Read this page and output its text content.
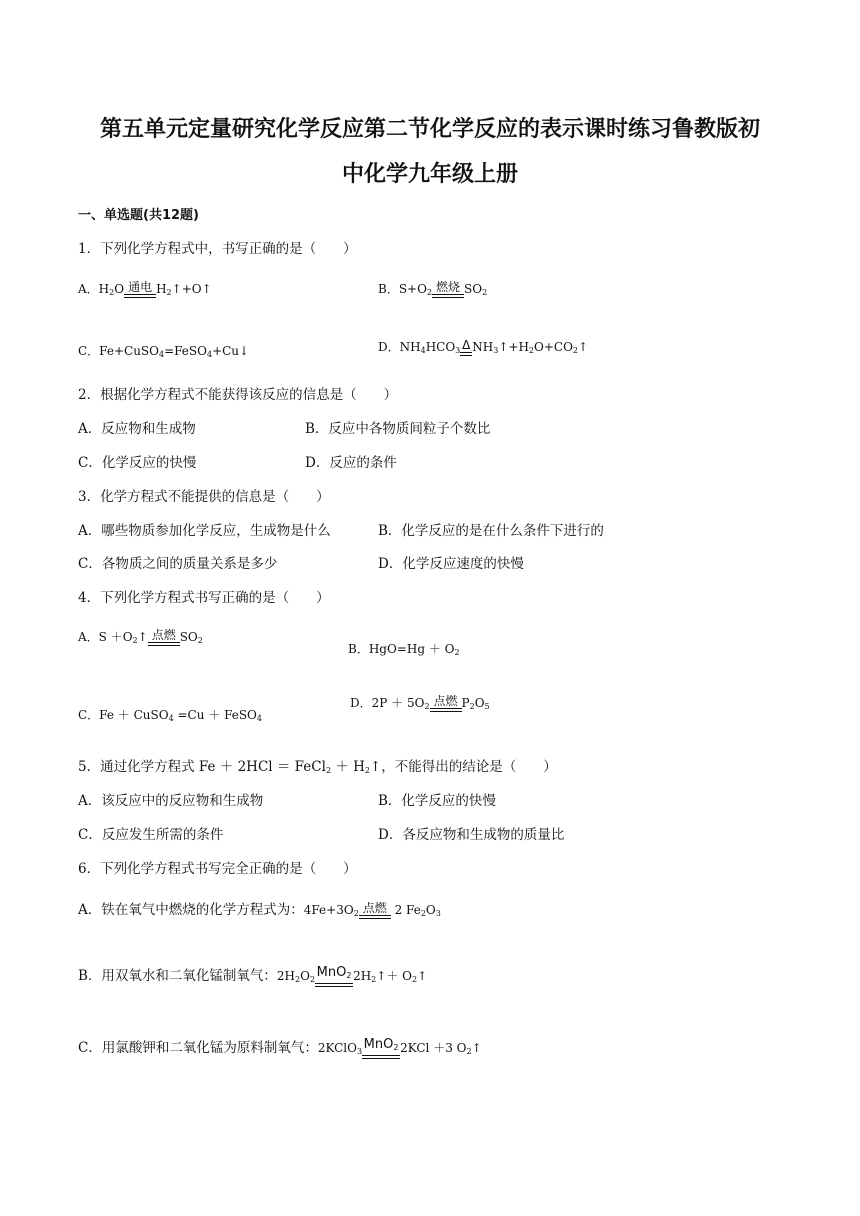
第五单元定量研究化学反应第二节化学反应的表示课时练习鲁教版初
中化学九年级上册
一、单选题(共12题)
1．下列化学方程式中，书写正确的是（　　）
A．$H_2O$ 通电 $H_2↑+O↑$	B．$S+O_2$ 燃烧 $SO_2$
C．Fe+CuSO$_4$=FeSO$_4$+Cu↓	D．$NH_4HCO_3$ Δ $NH_3↑+H_2O+CO_2↑$
2．根据化学方程式不能获得该反应的信息是（　　）
A．反应物和生成物	B．反应中各物质间粒子个数比
C．化学反应的快慢	D．反应的条件
3．化学方程式不能提供的信息是（　　）
A．哪些物质参加化学反应，生成物是什么	B．化学反应的是在什么条件下进行的
C．各物质之间的质量关系是多少	D．化学反应速度的快慢
4．下列化学方程式书写正确的是（　　）
A．$S +O_2↑$ 点燃 $SO_2$
B．$HgO=Hg + O_2$
C．Fe ＋ CuSO$_4$ =Cu ＋ FeSO$_4$
D．$2P + 5O_2$ 点燃 $P_2O_5$
5．通过化学方程式 Fe ＋ 2HCl ＝ FeCl$_2$ ＋ $H_2↑$，不能得出的结论是（　　）
A．该反应中的反应物和生成物	B．化学反应的快慢
C．反应发生所需的条件	D．各反应物和生成物的质量比
6．下列化学方程式书写完全正确的是（　　）
A．铁在氧气中燃烧的化学方程式为：$4Fe+3O_2$ 点燃 2 $Fe_2O_3$
B．用双氧水和二氧化锰制氧气：$2H_2O_2$ MnO$_2$ $2H_2↑+$ $O_2↑$
C．用氯酸钾和二氧化锰为原料制氧气：2KClO$_3$ MnO$_2$ 2KCl ＋3 $O_2↑$
